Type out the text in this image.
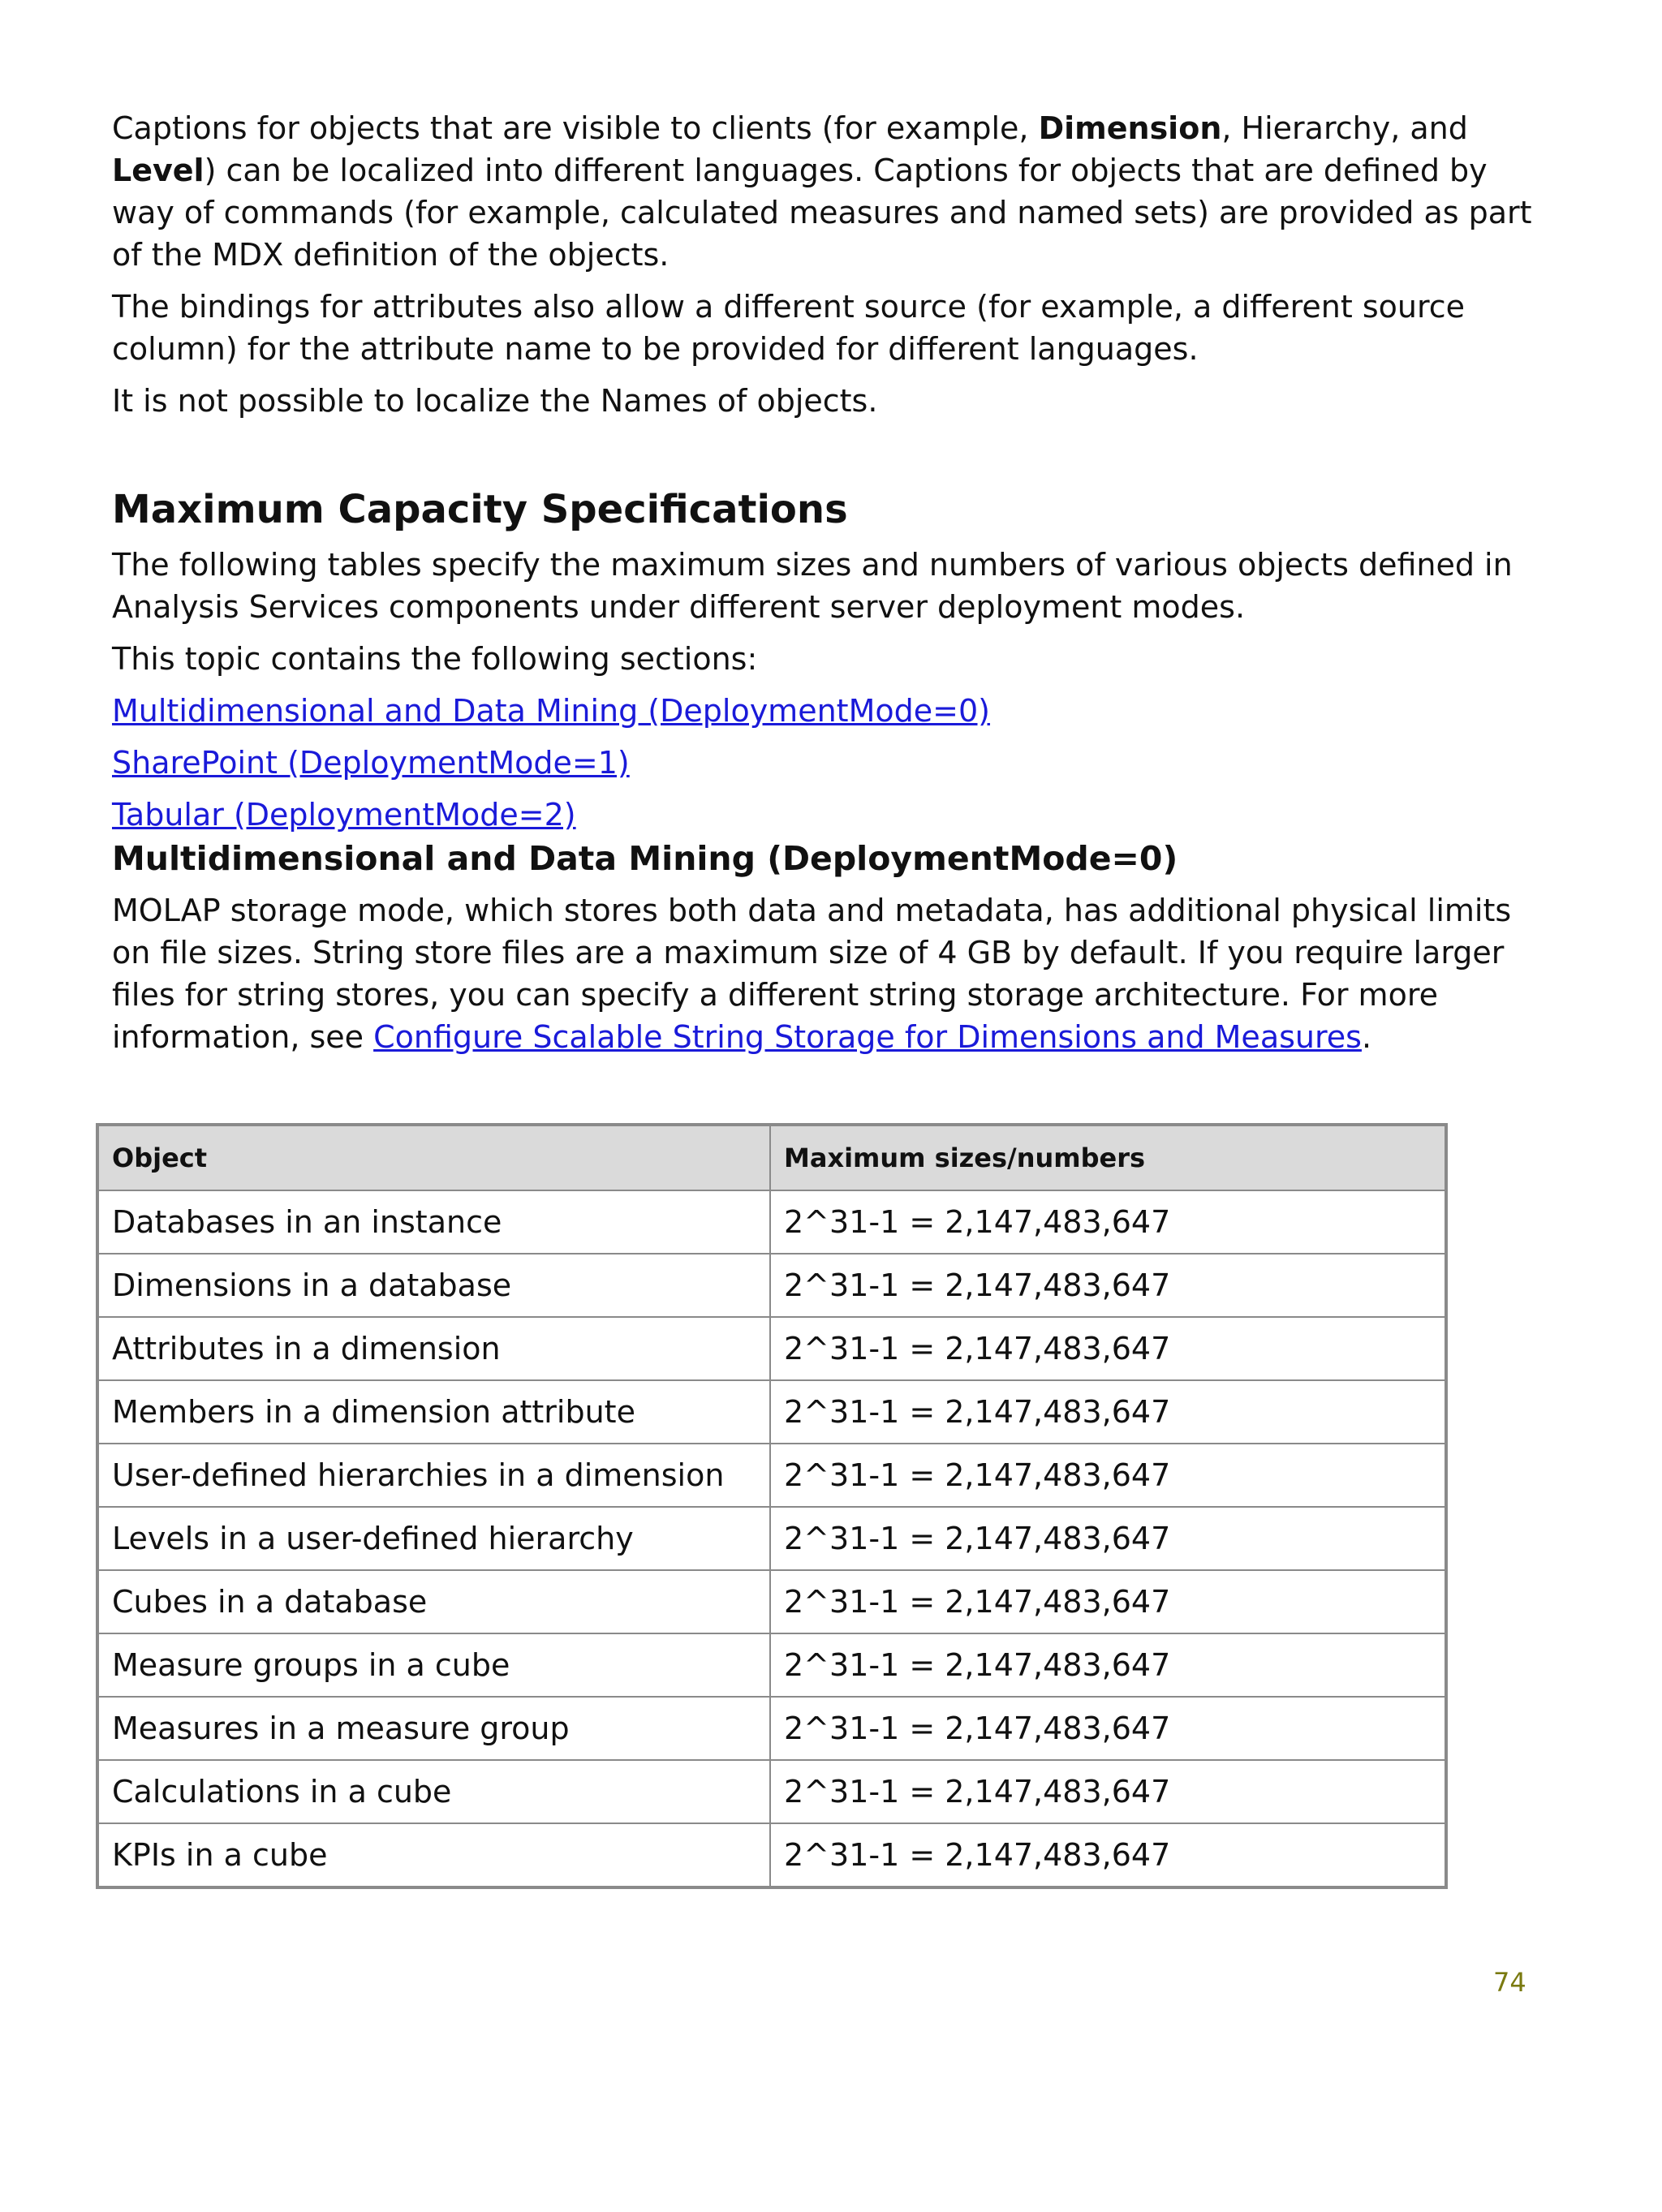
Captions for objects that are visible to clients (for example, Dimension, Hierarchy, and Level) can be localized into different languages. Captions for objects that are defined by way of commands (for example, calculated measures and named sets) are provided as part of the MDX definition of the objects.

The bindings for attributes also allow a different source (for example, a different source column) for the attribute name to be provided for different languages.

It is not possible to localize the Names of objects.

Maximum Capacity Specifications

The following tables specify the maximum sizes and numbers of various objects defined in Analysis Services components under different server deployment modes.

This topic contains the following sections:

Multidimensional and Data Mining (DeploymentMode=0)
SharePoint (DeploymentMode=1)
Tabular (DeploymentMode=2)
Multidimensional and Data Mining (DeploymentMode=0)

MOLAP storage mode, which stores both data and metadata, has additional physical limits on file sizes. String store files are a maximum size of 4 GB by default. If you require larger files for string stores, you can specify a different string storage architecture. For more information, see Configure Scalable String Storage for Dimensions and Measures.

Object	Maximum sizes/numbers
Databases in an instance	2^31-1 = 2,147,483,647
Dimensions in a database	2^31-1 = 2,147,483,647
Attributes in a dimension	2^31-1 = 2,147,483,647
Members in a dimension attribute	2^31-1 = 2,147,483,647
User-defined hierarchies in a dimension	2^31-1 = 2,147,483,647
Levels in a user-defined hierarchy	2^31-1 = 2,147,483,647
Cubes in a database	2^31-1 = 2,147,483,647
Measure groups in a cube	2^31-1 = 2,147,483,647
Measures in a measure group	2^31-1 = 2,147,483,647
Calculations in a cube	2^31-1 = 2,147,483,647
KPIs in a cube	2^31-1 = 2,147,483,647
74
